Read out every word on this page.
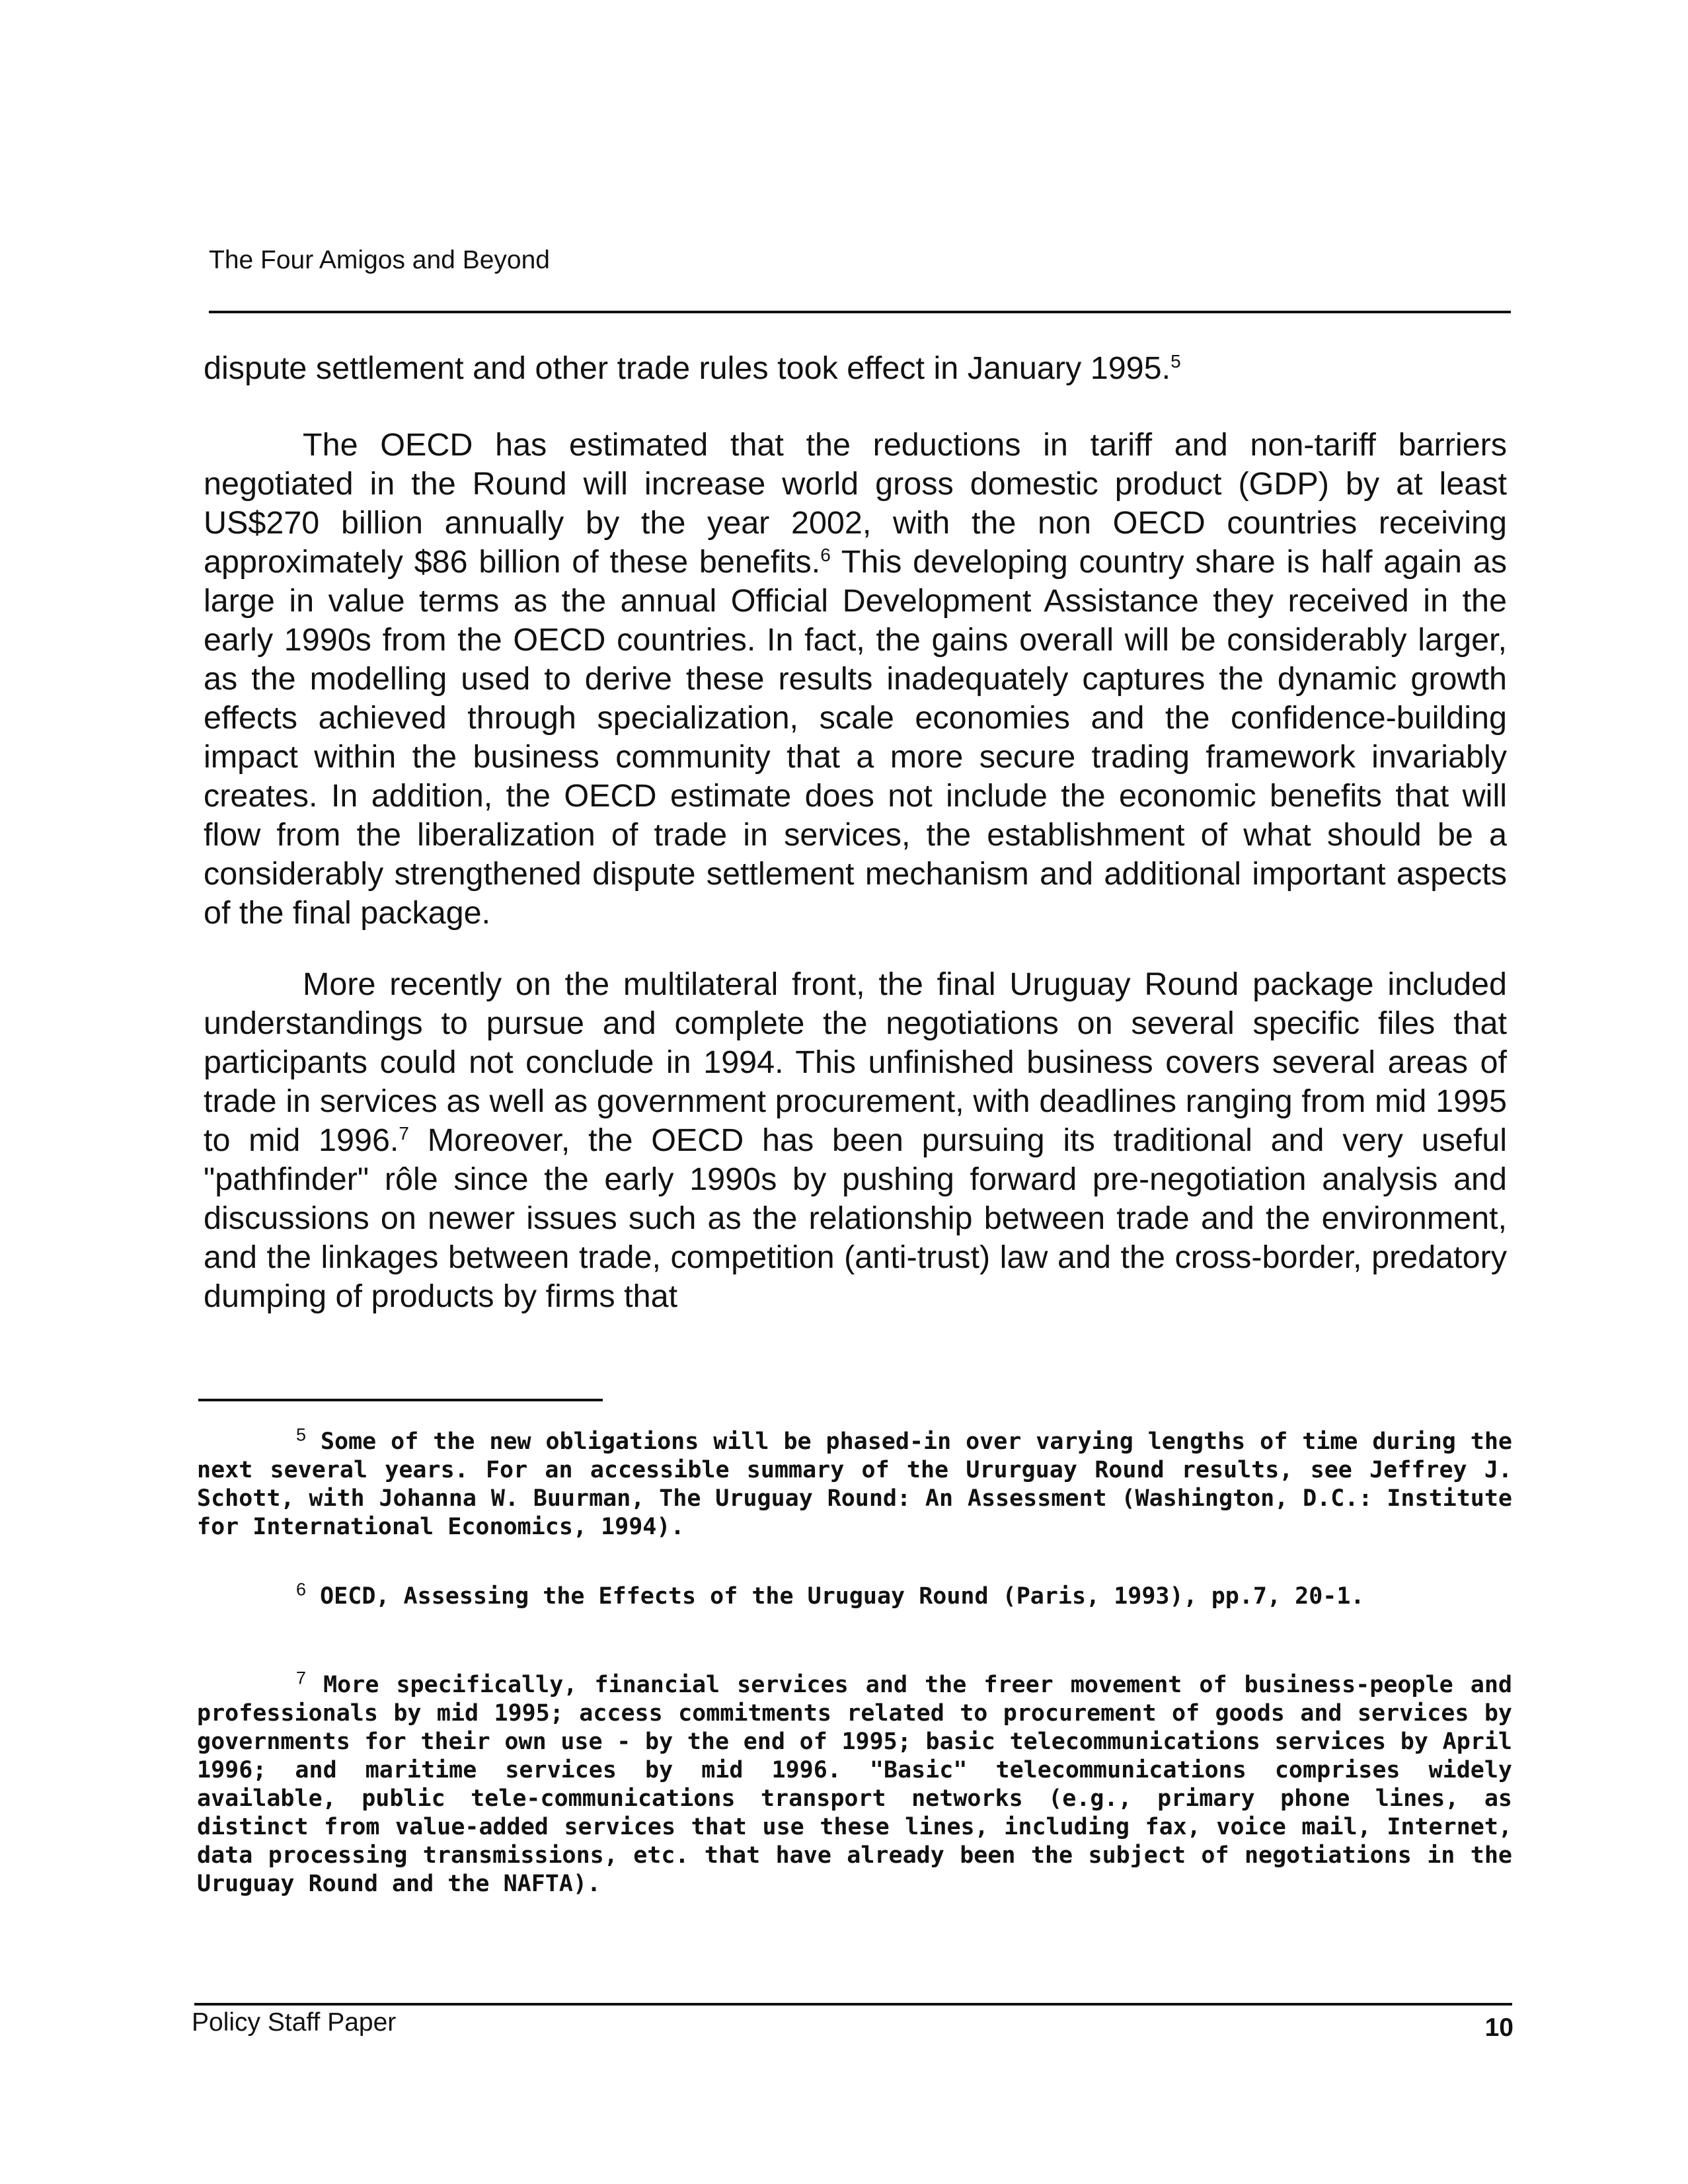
The Four Amigos and Beyond

dispute settlement and other trade rules took effect in January 1995.$^5$

The OECD has estimated that the reductions in tariff and non-tariff barriers negotiated in the Round will increase world gross domestic product (GDP) by at least US$270 billion annually by the year 2002, with the non OECD countries receiving approximately $86 billion of these benefits.$^6$ This developing country share is half again as large in value terms as the annual Official Development Assistance they received in the early 1990s from the OECD countries. In fact, the gains overall will be considerably larger, as the modelling used to derive these results inadequately captures the dynamic growth effects achieved through specialization, scale economies and the confidence-building impact within the business community that a more secure trading framework invariably creates. In addition, the OECD estimate does not include the economic benefits that will flow from the liberalization of trade in services, the establishment of what should be a considerably strengthened dispute settlement mechanism and additional important aspects of the final package.

More recently on the multilateral front, the final Uruguay Round package included understandings to pursue and complete the negotiations on several specific files that participants could not conclude in 1994. This unfinished business covers several areas of trade in services as well as government procurement, with deadlines ranging from mid 1995 to mid 1996.$^7$ Moreover, the OECD has been pursuing its traditional and very useful "pathfinder" rôle since the early 1990s by pushing forward pre-negotiation analysis and discussions on newer issues such as the relationship between trade and the environment, and the linkages between trade, competition (anti-trust) law and the cross-border, predatory dumping of products by firms that

$^5$ Some of the new obligations will be phased-in over varying lengths of time during the next several years. For an accessible summary of the Ururguay Round results, see Jeffrey J. Schott, with Johanna W. Buurman, The Uruguay Round: An Assessment (Washington, D.C.: Institute for International Economics, 1994).

$^6$ OECD, Assessing the Effects of the Uruguay Round (Paris, 1993), pp.7, 20-1.

$^7$ More specifically, financial services and the freer movement of business-people and professionals by mid 1995; access commitments related to procurement of goods and services by governments for their own use - by the end of 1995; basic telecommunications services by April 1996; and maritime services by mid 1996. "Basic" telecommunications comprises widely available, public tele-communications transport networks (e.g., primary phone lines, as distinct from value-added services that use these lines, including fax, voice mail, Internet, data processing transmissions, etc. that have already been the subject of negotiations in the Uruguay Round and the NAFTA).

Policy Staff Paper	10
